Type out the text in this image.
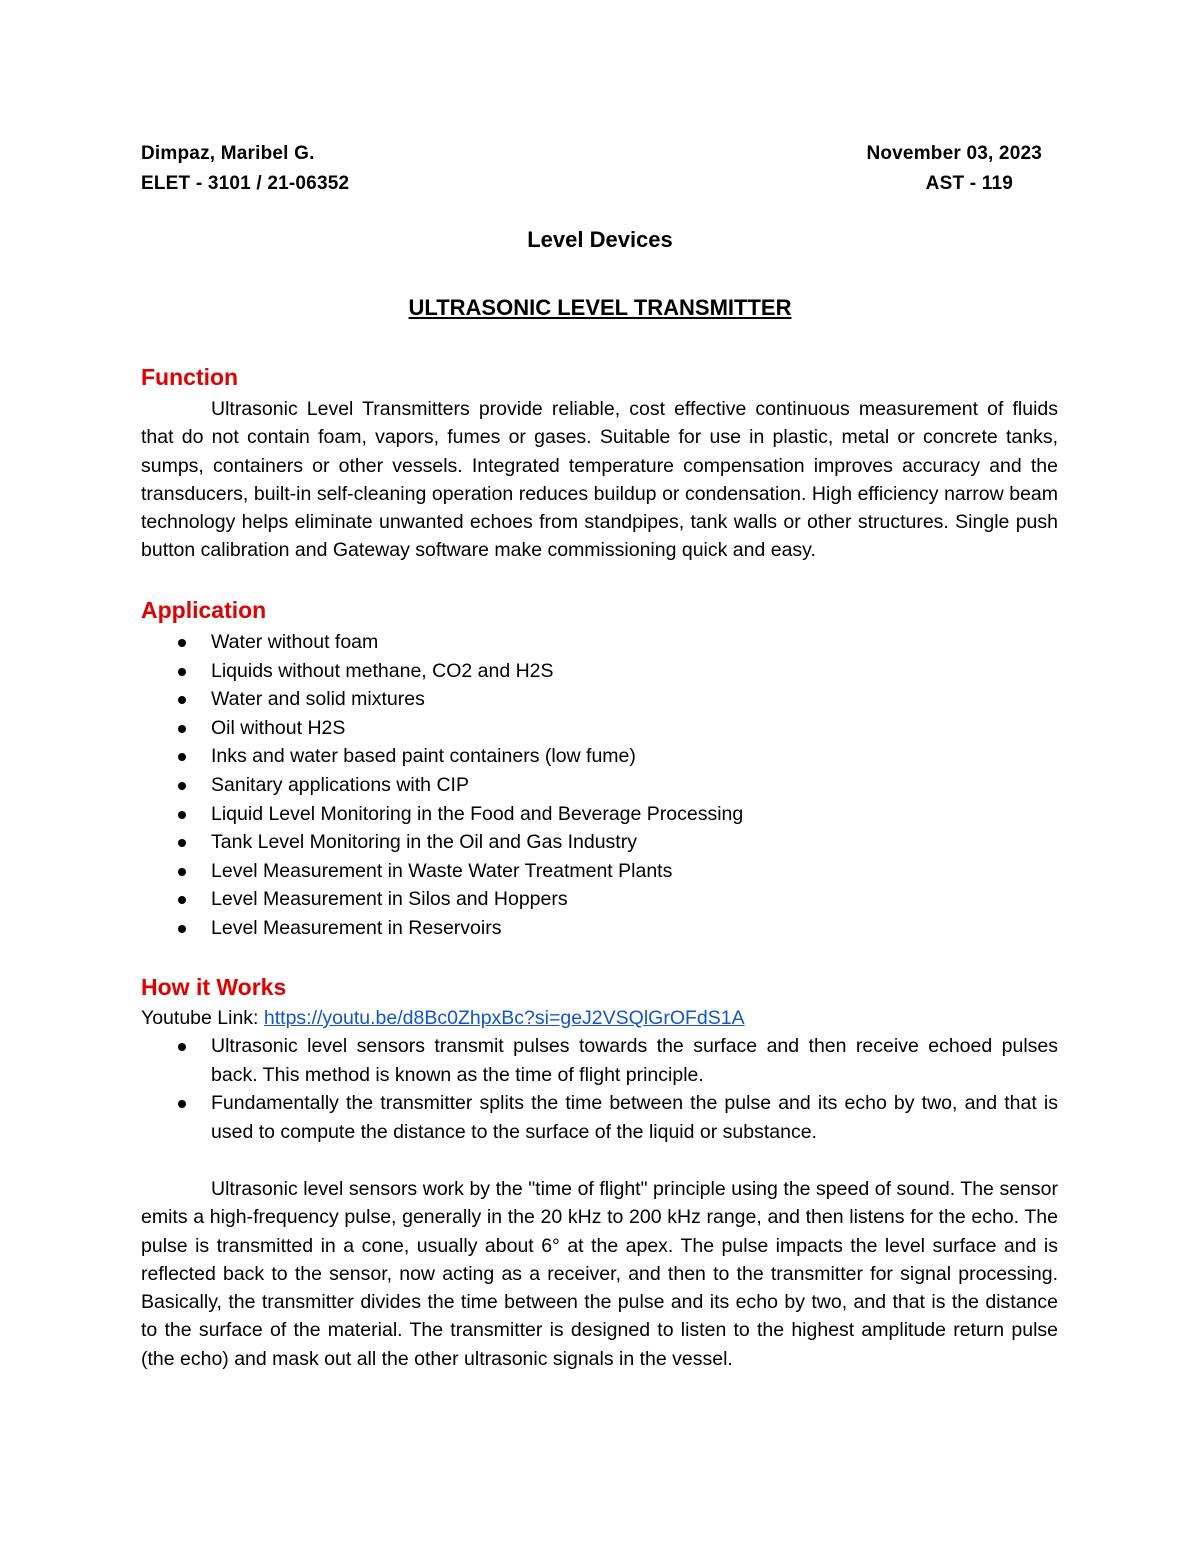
Dimpaz, Maribel G.	November 03, 2023
ELET - 3101 / 21-06352	AST - 119
Level Devices
ULTRASONIC LEVEL TRANSMITTER
Function
Ultrasonic Level Transmitters provide reliable, cost effective continuous measurement of fluids that do not contain foam, vapors, fumes or gases. Suitable for use in plastic, metal or concrete tanks, sumps, containers or other vessels. Integrated temperature compensation improves accuracy and the transducers, built-in self-cleaning operation reduces buildup or condensation. High efficiency narrow beam technology helps eliminate unwanted echoes from standpipes, tank walls or other structures. Single push button calibration and Gateway software make commissioning quick and easy.
Application
Water without foam
Liquids without methane, CO2 and H2S
Water and solid mixtures
Oil without H2S
Inks and water based paint containers (low fume)
Sanitary applications with CIP
Liquid Level Monitoring in the Food and Beverage Processing
Tank Level Monitoring in the Oil and Gas Industry
Level Measurement in Waste Water Treatment Plants
Level Measurement in Silos and Hoppers
Level Measurement in Reservoirs
How it Works
Youtube Link: https://youtu.be/d8Bc0ZhpxBc?si=geJ2VSQlGrOFdS1A
Ultrasonic level sensors transmit pulses towards the surface and then receive echoed pulses back. This method is known as the time of flight principle.
Fundamentally the transmitter splits the time between the pulse and its echo by two, and that is used to compute the distance to the surface of the liquid or substance.
Ultrasonic level sensors work by the "time of flight" principle using the speed of sound. The sensor emits a high-frequency pulse, generally in the 20 kHz to 200 kHz range, and then listens for the echo. The pulse is transmitted in a cone, usually about 6° at the apex. The pulse impacts the level surface and is reflected back to the sensor, now acting as a receiver, and then to the transmitter for signal processing. Basically, the transmitter divides the time between the pulse and its echo by two, and that is the distance to the surface of the material. The transmitter is designed to listen to the highest amplitude return pulse (the echo) and mask out all the other ultrasonic signals in the vessel.
